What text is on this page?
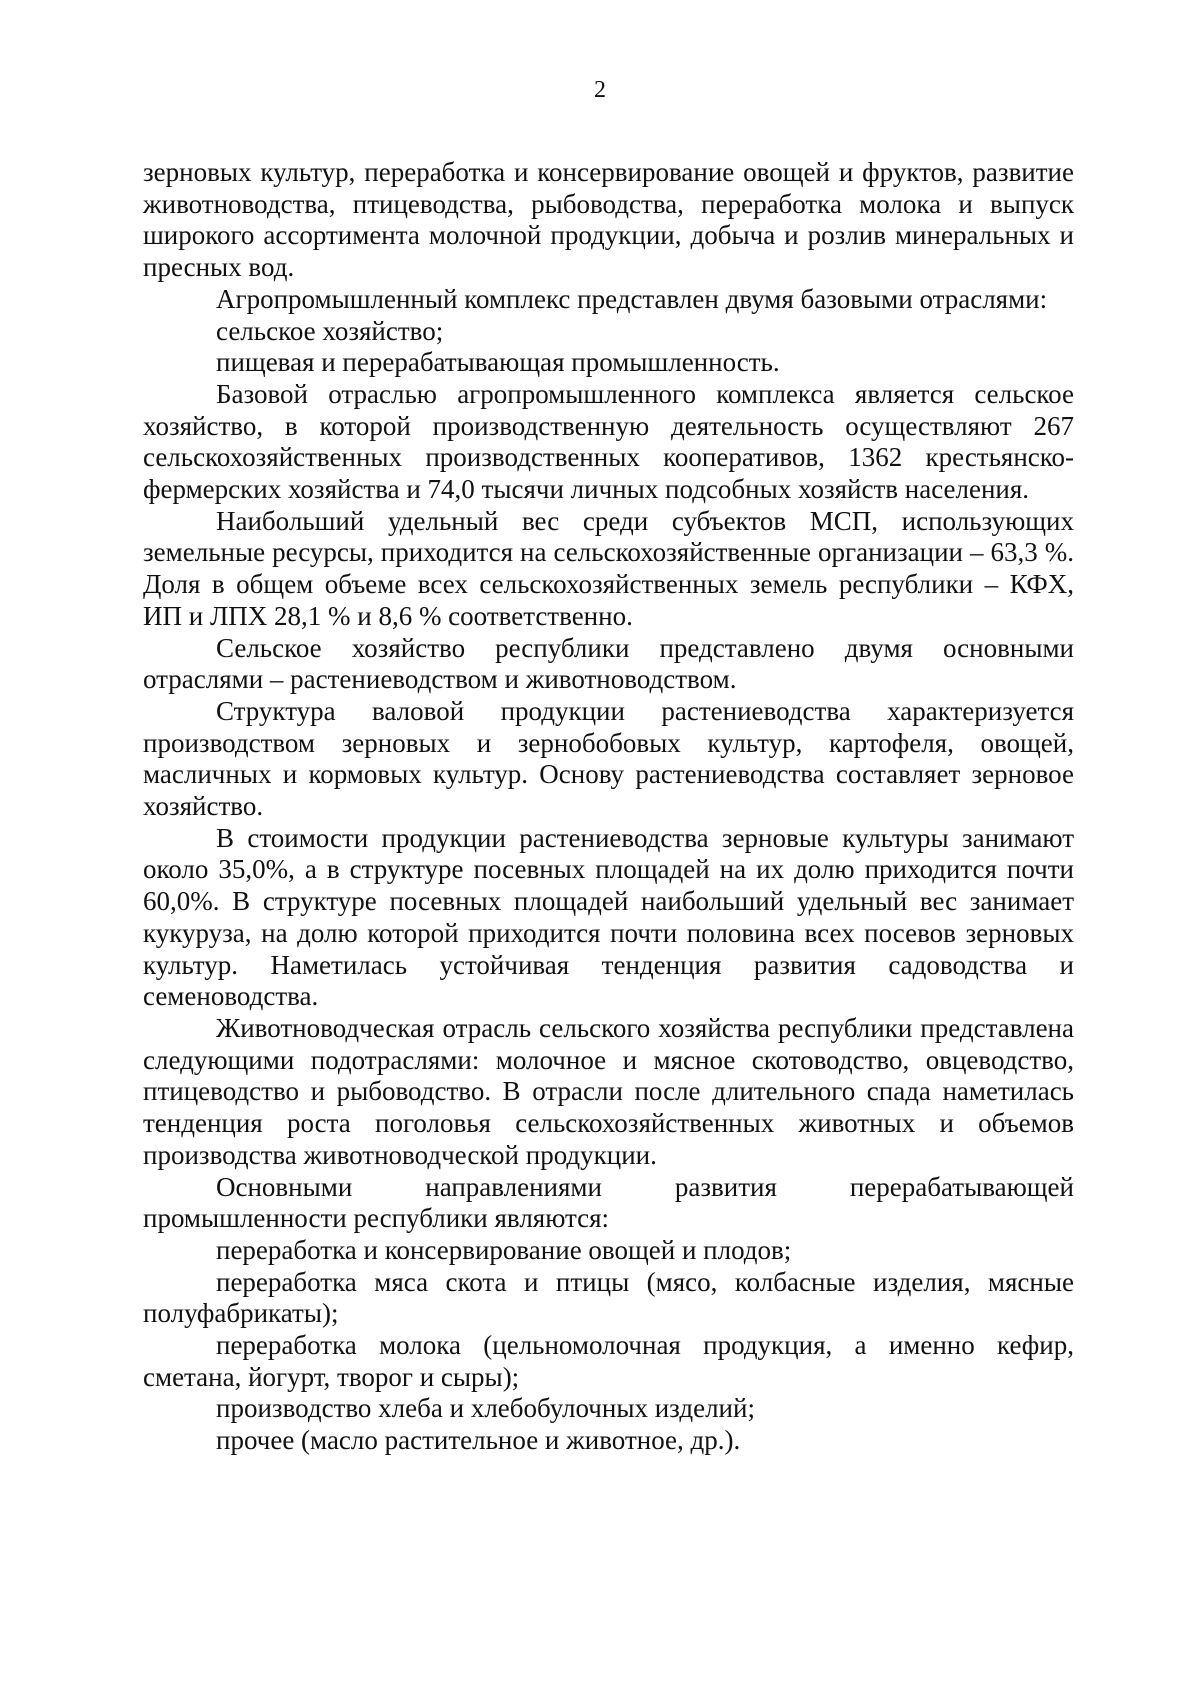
2

зерновых культур, переработка и консервирование овощей и фруктов, развитие животноводства, птицеводства, рыбоводства, переработка молока и выпуск широкого ассортимента молочной продукции, добыча и розлив минеральных и пресных вод.

Агропромышленный комплекс представлен двумя базовыми отраслями:

сельское хозяйство;

пищевая и перерабатывающая промышленность.

Базовой отраслью агропромышленного комплекса является сельское хозяйство, в которой производственную деятельность осуществляют 267 сельскохозяйственных производственных кооперативов, 1362 крестьянско-фермерских хозяйства и 74,0 тысячи личных подсобных хозяйств населения.

Наибольший удельный вес среди субъектов МСП, использующих земельные ресурсы, приходится на сельскохозяйственные организации – 63,3 %. Доля в общем объеме всех сельскохозяйственных земель республики – КФХ, ИП и ЛПХ 28,1 % и 8,6 % соответственно.

Сельское хозяйство республики представлено двумя основными отраслями – растениеводством и животноводством.

Структура валовой продукции растениеводства характеризуется производством зерновых и зернобобовых культур, картофеля, овощей, масличных и кормовых культур. Основу растениеводства составляет зерновое хозяйство.

В стоимости продукции растениеводства зерновые культуры занимают около 35,0%, а в структуре посевных площадей на их долю приходится почти 60,0%. В структуре посевных площадей наибольший удельный вес занимает кукуруза, на долю которой приходится почти половина всех посевов зерновых культур. Наметилась устойчивая тенденция развития садоводства и семеноводства.

Животноводческая отрасль сельского хозяйства республики представлена следующими подотраслями: молочное и мясное скотоводство, овцеводство, птицеводство и рыбоводство. В отрасли после длительного спада наметилась тенденция роста поголовья сельскохозяйственных животных и объемов производства животноводческой продукции.

Основными направлениями развития перерабатывающей промышленности республики являются:

переработка и консервирование овощей и плодов;

переработка мяса скота и птицы (мясо, колбасные изделия, мясные полуфабрикаты);

переработка молока (цельномолочная продукция, а именно кефир, сметана, йогурт, творог и сыры);

производство хлеба и хлебобулочных изделий;

прочее (масло растительное и животное, др.).
